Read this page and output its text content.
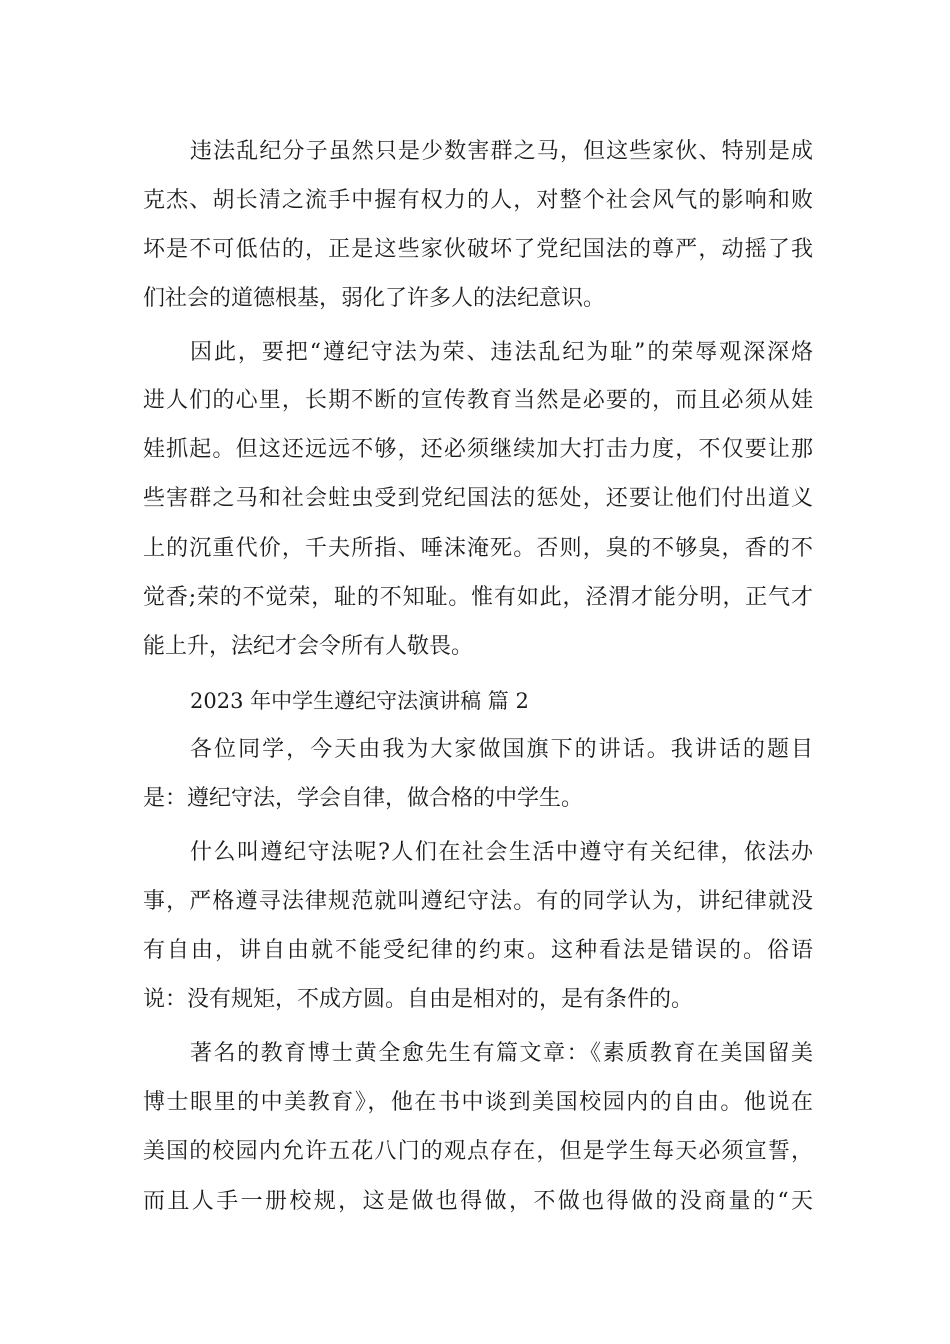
违法乱纪分子虽然只是少数害群之马，但这些家伙、特别是成
克杰、胡长清之流手中握有权力的人，对整个社会风气的影响和败
坏是不可低估的，正是这些家伙破坏了党纪国法的尊严，动摇了我
们社会的道德根基，弱化了许多人的法纪意识。
因此，要把“遵纪守法为荣、违法乱纪为耻”的荣辱观深深烙
进人们的心里，长期不断的宣传教育当然是必要的，而且必须从娃
娃抓起。但这还远远不够，还必须继续加大打击力度，不仅要让那
些害群之马和社会蛀虫受到党纪国法的惩处，还要让他们付出道义
上的沉重代价，千夫所指、唾沫淹死。否则，臭的不够臭，香的不
觉香;荣的不觉荣，耻的不知耻。惟有如此，泾渭才能分明，正气才
能上升，法纪才会令所有人敬畏。
2023 年中学生遵纪守法演讲稿 篇 2
各位同学，今天由我为大家做国旗下的讲话。我讲话的题目
是：遵纪守法，学会自律，做合格的中学生。
什么叫遵纪守法呢?人们在社会生活中遵守有关纪律，依法办
事，严格遵寻法律规范就叫遵纪守法。有的同学认为，讲纪律就没
有自由，讲自由就不能受纪律的约束。这种看法是错误的。俗语
说：没有规矩，不成方圆。自由是相对的，是有条件的。
著名的教育博士黄全愈先生有篇文章：《素质教育在美国留美
博士眼里的中美教育》，他在书中谈到美国校园内的自由。他说在
美国的校园内允许五花八门的观点存在，但是学生每天必须宣誓，
而且人手一册校规，这是做也得做，不做也得做的没商量的“天
